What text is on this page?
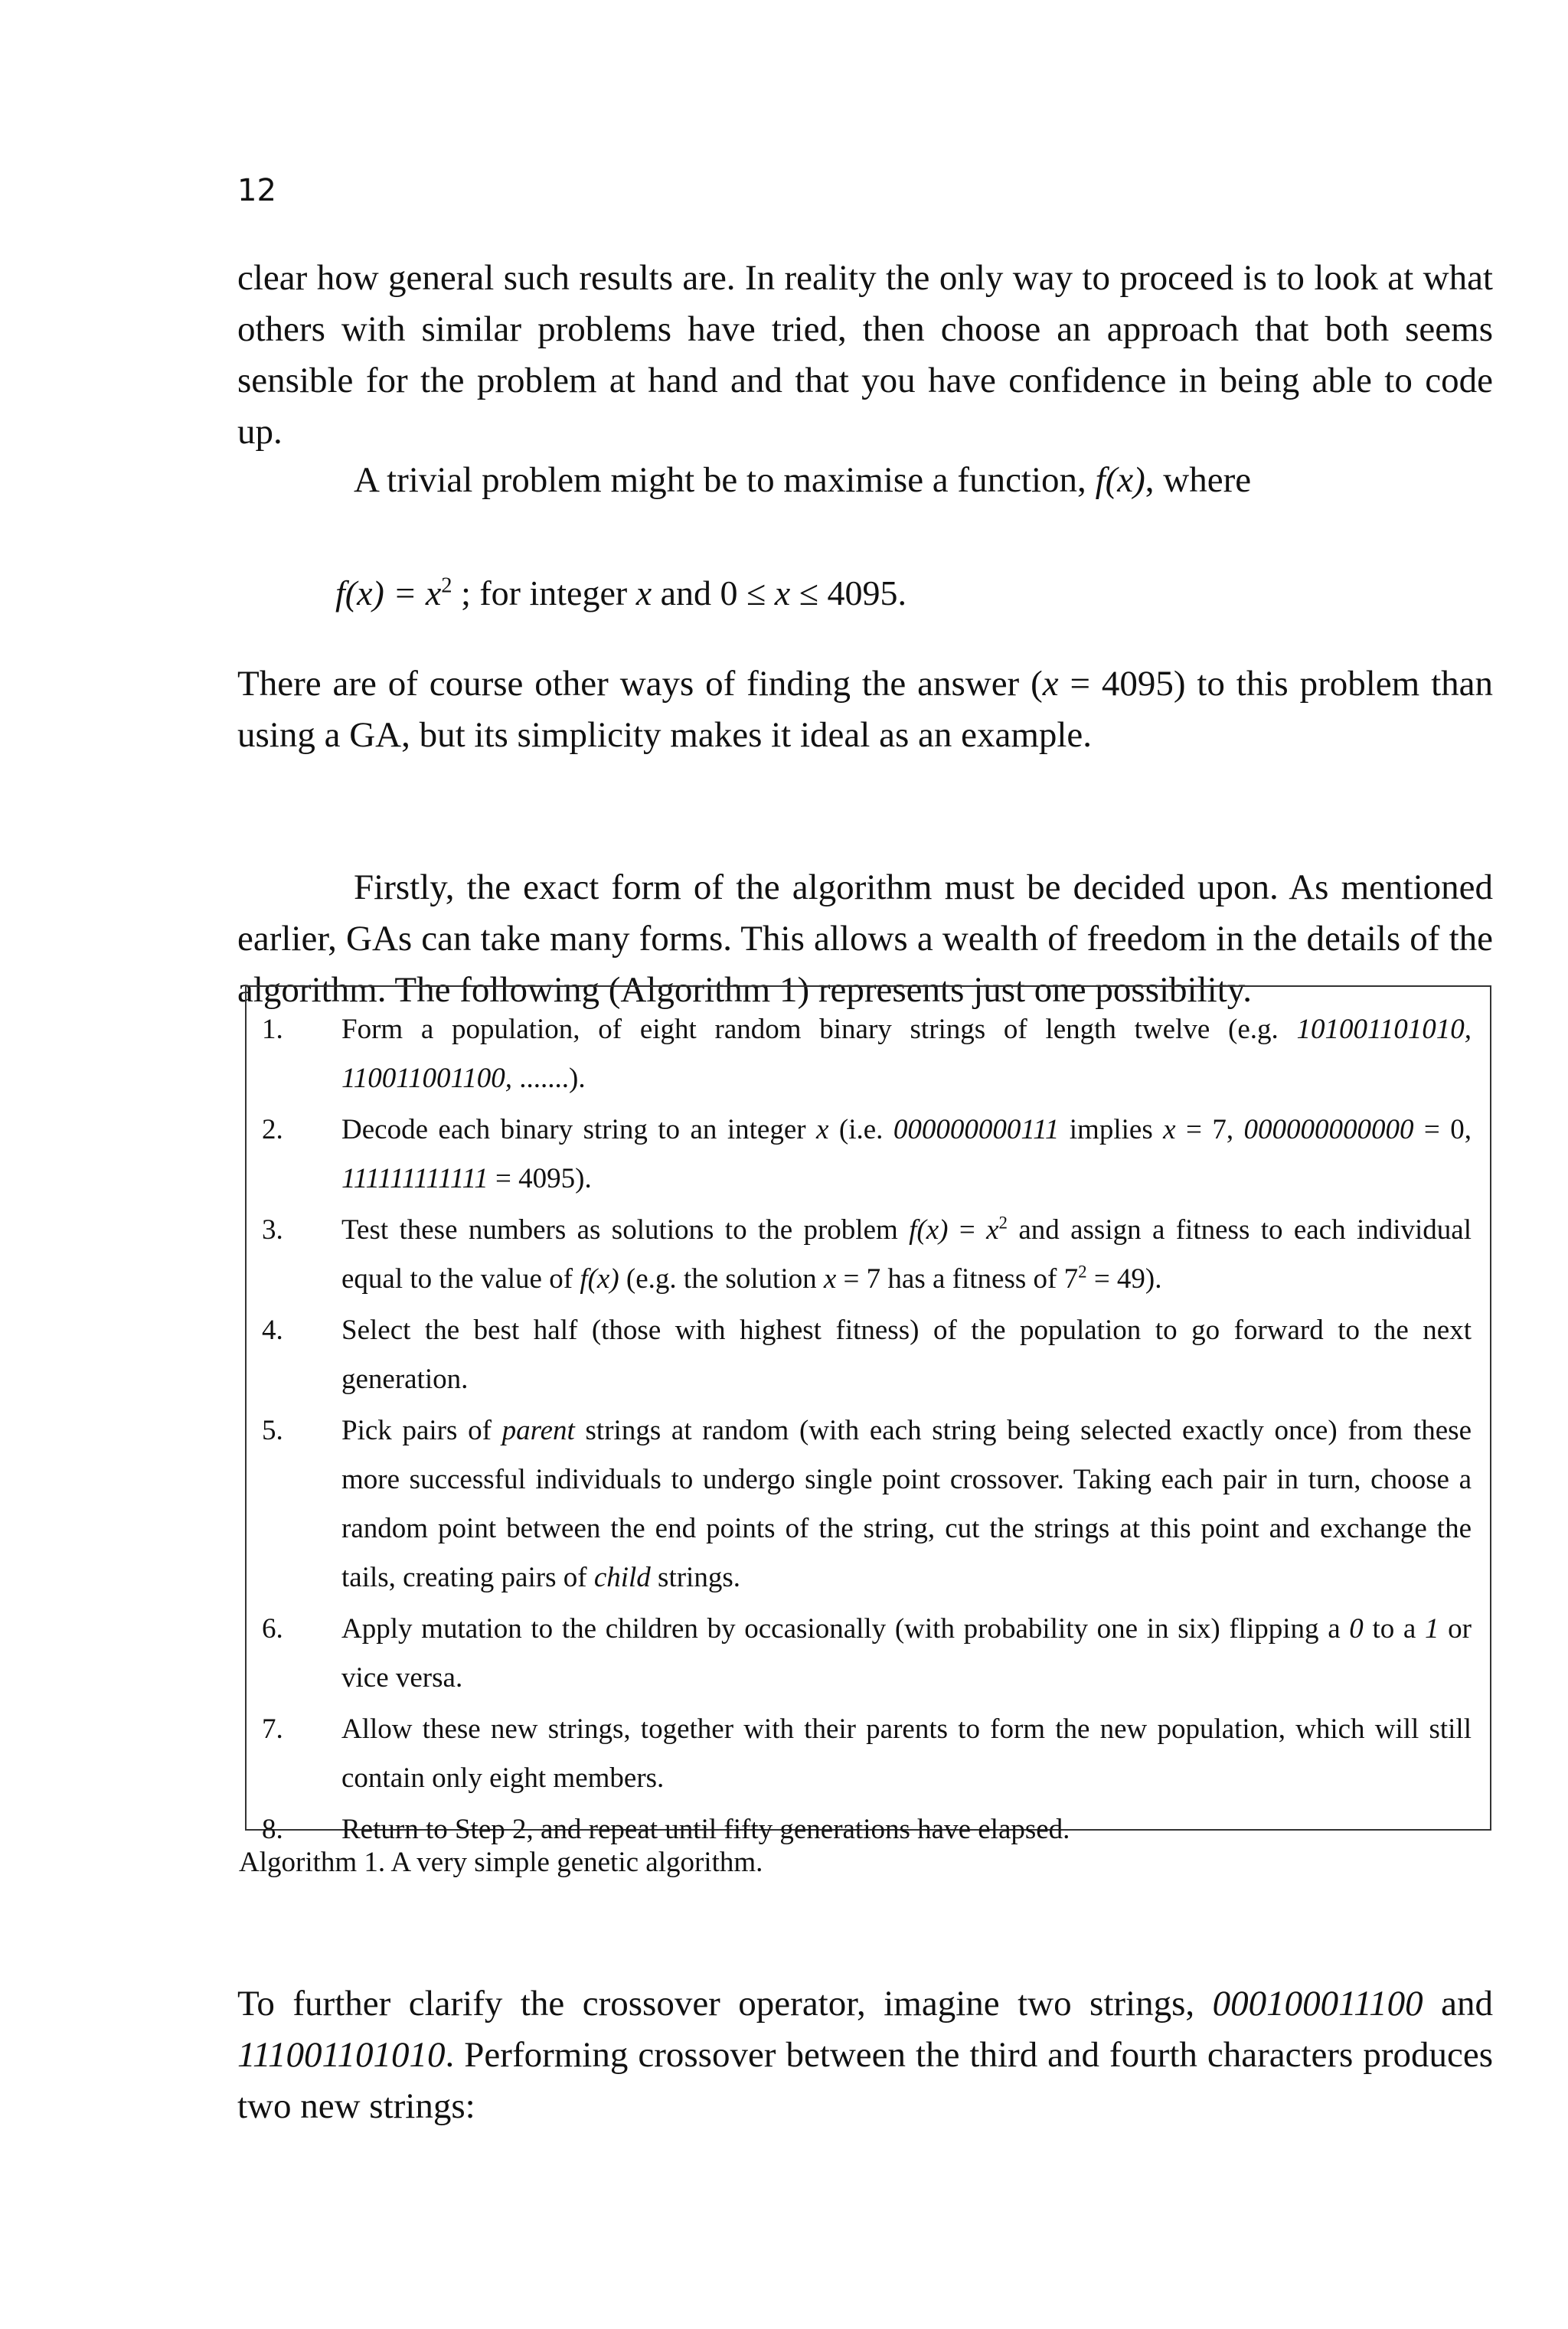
12
clear how general such results are. In reality the only way to proceed is to look at what others with similar problems have tried, then choose an approach that both seems sensible for the problem at hand and that you have confidence in being able to code up.
A trivial problem might be to maximise a function, f(x), where
$f(x) = x^2$ ; for integer x and 0 ≤ x ≤ 4095.
There are of course other ways of finding the answer (x = 4095) to this problem than using a GA, but its simplicity makes it ideal as an example.
Firstly, the exact form of the algorithm must be decided upon. As mentioned earlier, GAs can take many forms. This allows a wealth of freedom in the details of the algorithm. The following (Algorithm 1) represents just one possibility.
1.	Form a population, of eight random binary strings of length twelve (e.g. 101001101010, 110011001100, .......).
2.	Decode each binary string to an integer x (i.e. 000000000111 implies x = 7, 000000000000 = 0, 111111111111 = 4095).
3.	Test these numbers as solutions to the problem $f(x) = x^2$ and assign a fitness to each individual equal to the value of f(x) (e.g. the solution x = 7 has a fitness of $7^2 = 49$).
4.	Select the best half (those with highest fitness) of the population to go forward to the next generation.
5.	Pick pairs of parent strings at random (with each string being selected exactly once) from these more successful individuals to undergo single point crossover. Taking each pair in turn, choose a random point between the end points of the string, cut the strings at this point and exchange the tails, creating pairs of child strings.
6.	Apply mutation to the children by occasionally (with probability one in six) flipping a 0 to a 1 or vice versa.
7.	Allow these new strings, together with their parents to form the new population, which will still contain only eight members.
8.	Return to Step 2, and repeat until fifty generations have elapsed.
Algorithm 1. A very simple genetic algorithm.
To further clarify the crossover operator, imagine two strings, 000100011100 and 111001101010. Performing crossover between the third and fourth characters produces two new strings:
